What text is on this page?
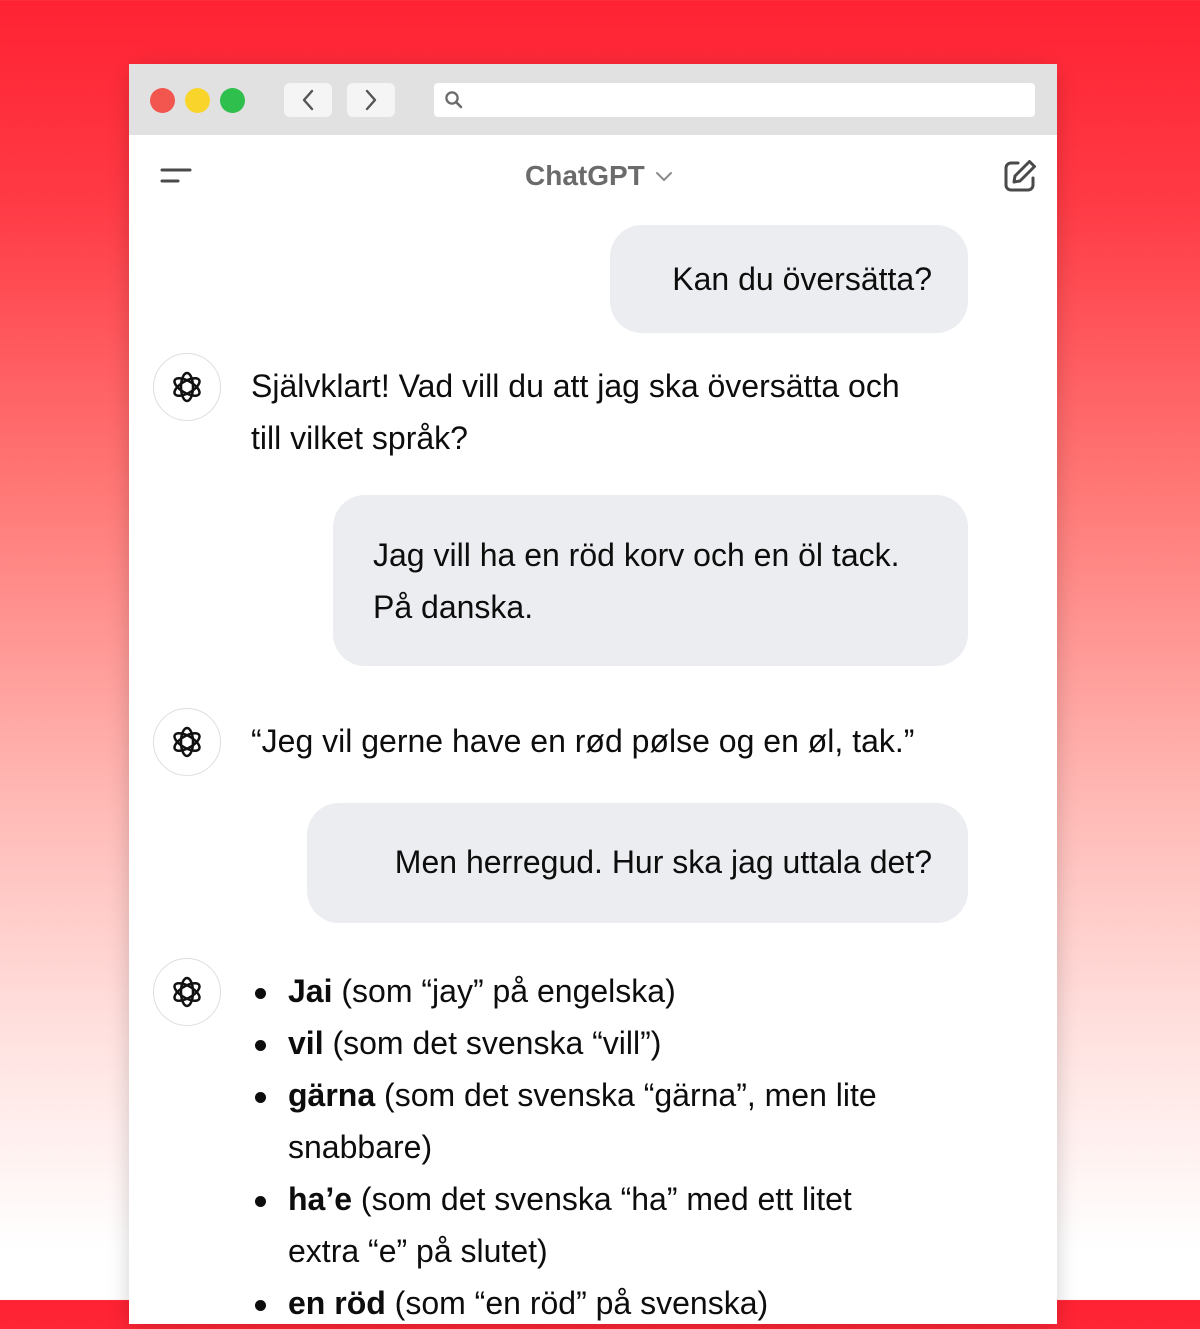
ChatGPT
Kan du översätta?
Självklart! Vad vill du att jag ska översätta och till vilket språk?
Jag vill ha en röd korv och en öl tack.
På danska.
“Jeg vil gerne have en rød pølse og en øl, tak.”
Men herregud. Hur ska jag uttala det?
Jai (som “jay” på engelska)
vil (som det svenska “vill”)
gärna (som det svenska “gärna”, men lite snabbare)
ha’e (som det svenska “ha” med ett litet extra “e” på slutet)
en röd (som “en röd” på svenska)
